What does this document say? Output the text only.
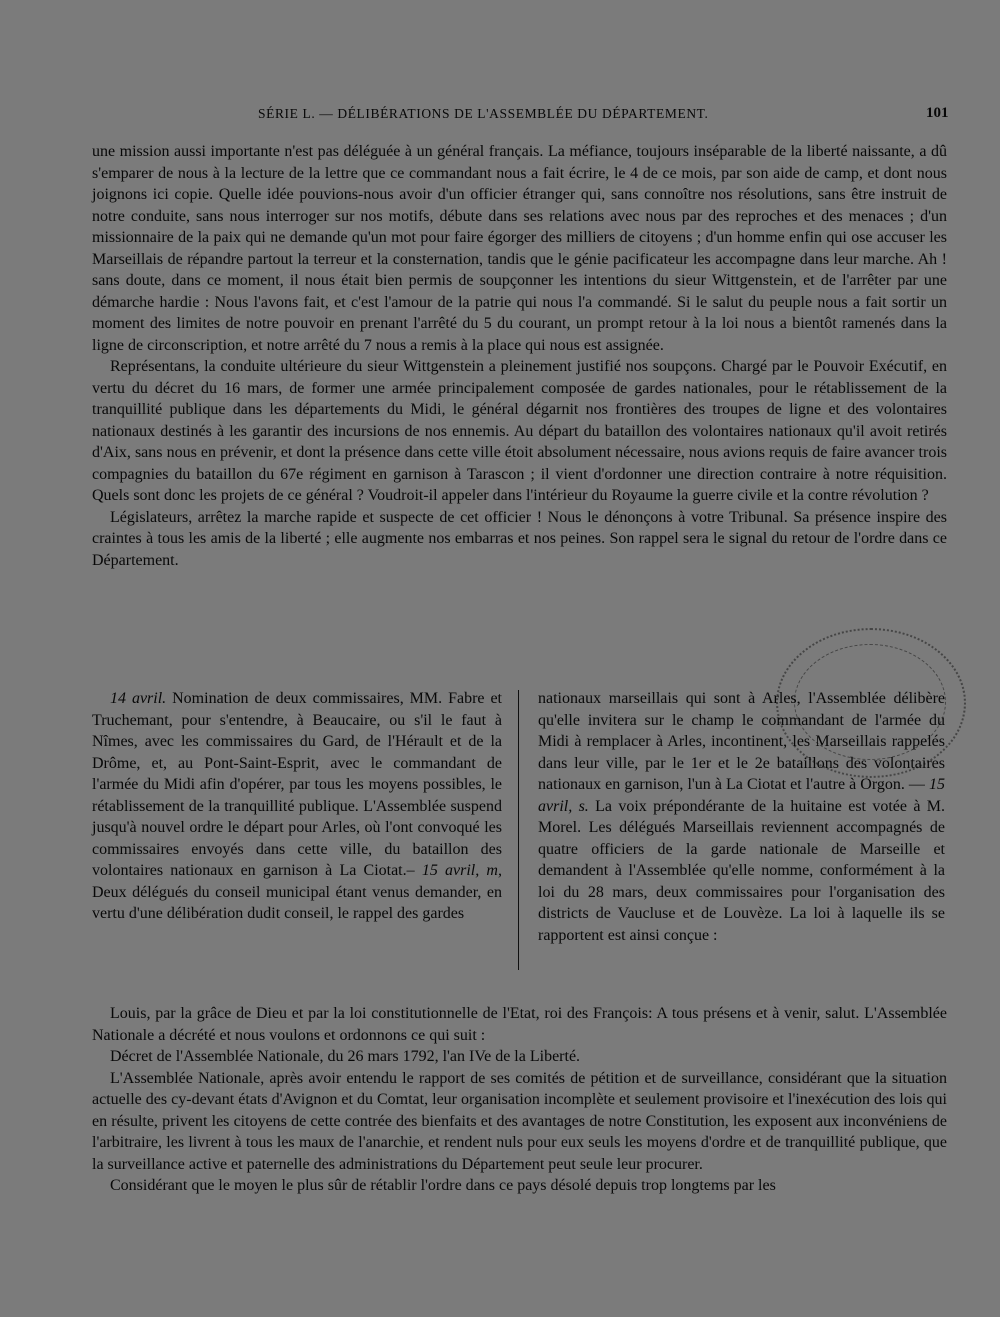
SÉRIE L. — DÉLIBÉRATIONS DE L'ASSEMBLÉE DU DÉPARTEMENT.	101

une mission aussi importante n'est pas déléguée à un général français. La méfiance, toujours inséparable de la liberté naissante, a dû s'emparer de nous à la lecture de la lettre que ce commandant nous a fait écrire, le 4 de ce mois, par son aide de camp, et dont nous joignons ici copie. Quelle idée pouvions-nous avoir d'un officier étranger qui, sans connoître nos résolutions, sans être instruit de notre conduite, sans nous interroger sur nos motifs, débute dans ses relations avec nous par des reproches et des menaces ; d'un missionnaire de la paix qui ne demande qu'un mot pour faire égorger des milliers de citoyens ; d'un homme enfin qui ose accuser les Marseillais de répandre partout la terreur et la consternation, tandis que le génie pacificateur les accompagne dans leur marche. Ah ! sans doute, dans ce moment, il nous était bien permis de soupçonner les intentions du sieur Wittgenstein, et de l'arrêter par une démarche hardie : Nous l'avons fait, et c'est l'amour de la patrie qui nous l'a commandé. Si le salut du peuple nous a fait sortir un moment des limites de notre pouvoir en prenant l'arrêté du 5 du courant, un prompt retour à la loi nous a bientôt ramenés dans la ligne de circonscription, et notre arrêté du 7 nous a remis à la place qui nous est assignée.

Représentans, la conduite ultérieure du sieur Wittgenstein a pleinement justifié nos soupçons. Chargé par le Pouvoir Exécutif, en vertu du décret du 16 mars, de former une armée principalement composée de gardes nationales, pour le rétablissement de la tranquillité publique dans les départements du Midi, le général dégarnit nos frontières des troupes de ligne et des volontaires nationaux destinés à les garantir des incursions de nos ennemis. Au départ du bataillon des volontaires nationaux qu'il avoit retirés d'Aix, sans nous en prévenir, et dont la présence dans cette ville étoit absolument nécessaire, nous avions requis de faire avancer trois compagnies du bataillon du 67e régiment en garnison à Tarascon ; il vient d'ordonner une direction contraire à notre réquisition. Quels sont donc les projets de ce général ? Voudroit-il appeler dans l'intérieur du Royaume la guerre civile et la contre révolution ?

Législateurs, arrêtez la marche rapide et suspecte de cet officier ! Nous le dénonçons à votre Tribunal. Sa présence inspire des craintes à tous les amis de la liberté ; elle augmente nos embarras et nos peines. Son rappel sera le signal du retour de l'ordre dans ce Département.

14 avril. Nomination de deux commissaires, MM. Fabre et Truchemant, pour s'entendre, à Beaucaire, ou s'il le faut à Nîmes, avec les commissaires du Gard, de l'Hérault et de la Drôme, et, au Pont-Saint-Esprit, avec le commandant de l'armée du Midi afin d'opérer, par tous les moyens possibles, le rétablissement de la tranquillité publique. L'Assemblée suspend jusqu'à nouvel ordre le départ pour Arles, où l'ont convoqué les commissaires envoyés dans cette ville, du bataillon des volontaires nationaux en garnison à La Ciotat.– 15 avril, m, Deux délégués du conseil municipal étant venus demander, en vertu d'une délibération dudit conseil, le rappel des gardes

nationaux marseillais qui sont à Arles, l'Assemblée délibère qu'elle invitera sur le champ le commandant de l'armée du Midi à remplacer à Arles, incontinent, les Marseillais rappelés dans leur ville, par le 1er et le 2e bataillons des volontaires nationaux en garnison, l'un à La Ciotat et l'autre à Orgon. — 15 avril, s. La voix prépondérante de la huitaine est votée à M. Morel. Les délégués Marseillais reviennent accompagnés de quatre officiers de la garde nationale de Marseille et demandent à l'Assemblée qu'elle nomme, conformément à la loi du 28 mars, deux commissaires pour l'organisation des districts de Vaucluse et de Louvèze. La loi à laquelle ils se rapportent est ainsi conçue :

Louis, par la grâce de Dieu et par la loi constitutionnelle de l'Etat, roi des François: A tous présens et à venir, salut. L'Assemblée Nationale a décrété et nous voulons et ordonnons ce qui suit :

Décret de l'Assemblée Nationale, du 26 mars 1792, l'an IVe de la Liberté.

L'Assemblée Nationale, après avoir entendu le rapport de ses comités de pétition et de surveillance, considérant que la situation actuelle des cy-devant états d'Avignon et du Comtat, leur organisation incomplète et seulement provisoire et l'inexécution des lois qui en résulte, privent les citoyens de cette contrée des bienfaits et des avantages de notre Constitution, les exposent aux inconvéniens de l'arbitraire, les livrent à tous les maux de l'anarchie, et rendent nuls pour eux seuls les moyens d'ordre et de tranquillité publique, que la surveillance active et paternelle des administrations du Département peut seule leur procurer.

Considérant que le moyen le plus sûr de rétablir l'ordre dans ce pays désolé depuis trop longtems par les
